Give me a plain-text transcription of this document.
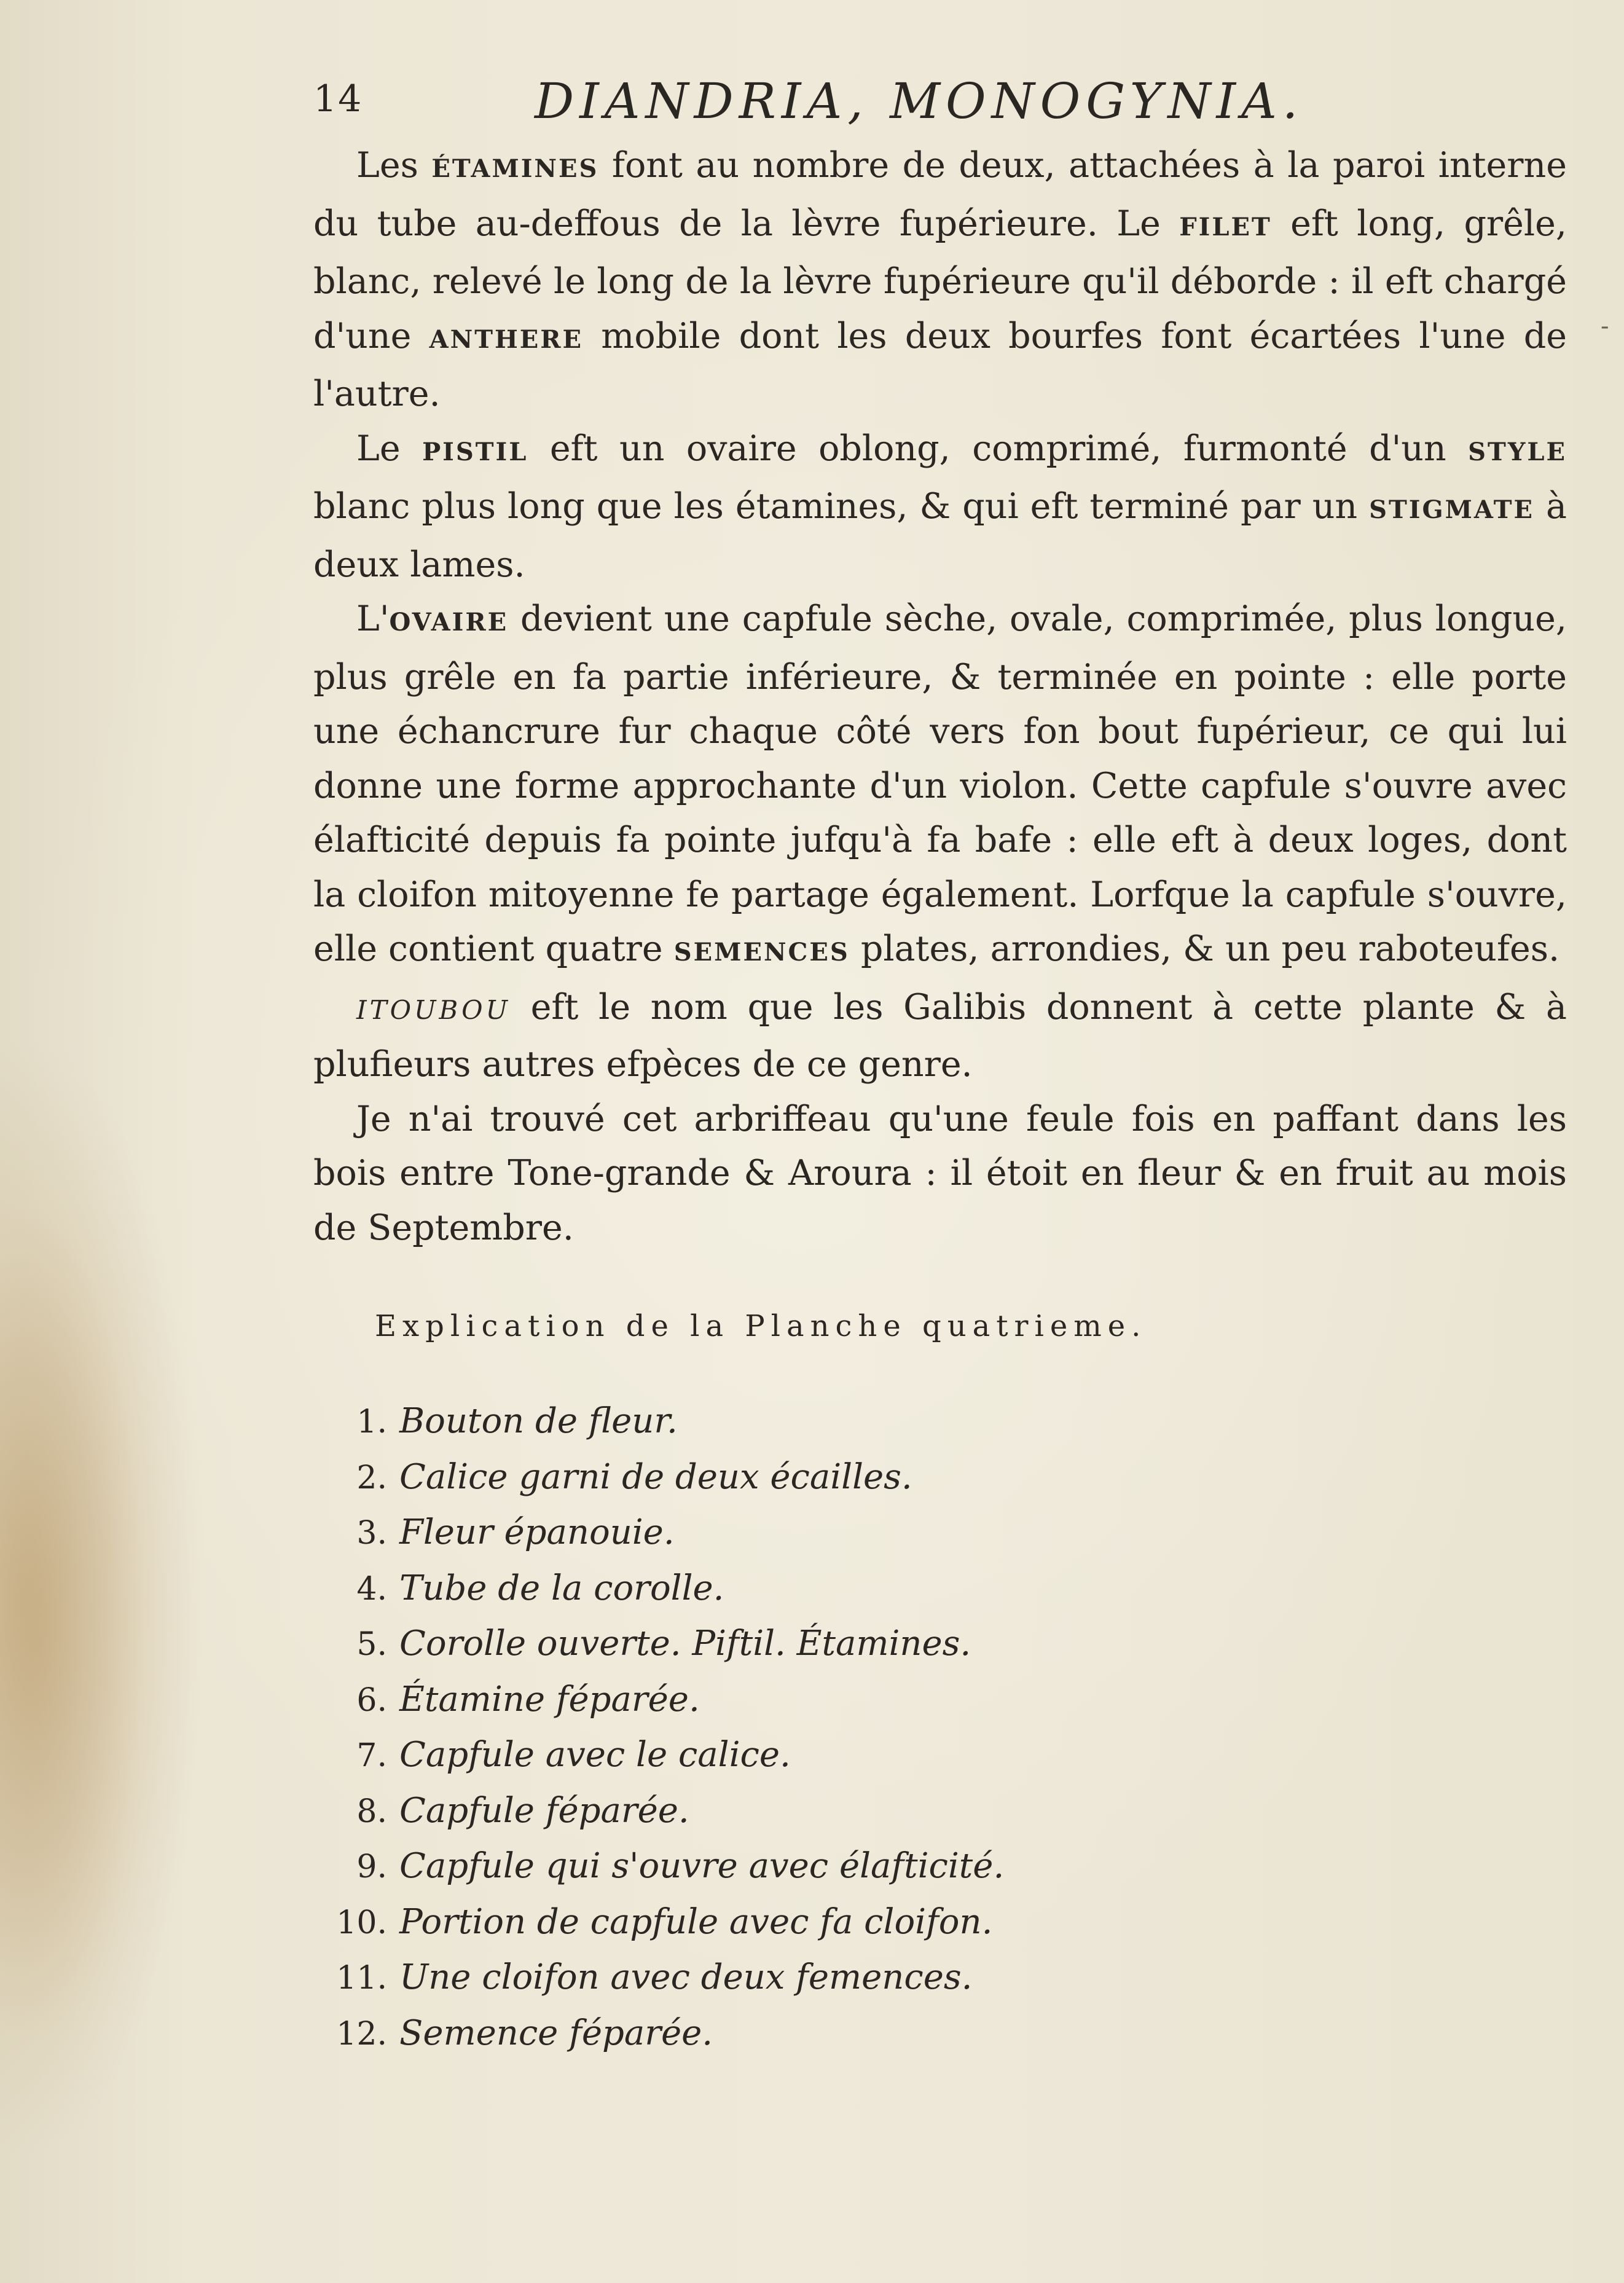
14	DIANDRIA, MONOGYNIA.
-

Les ÉTAMINES font au nombre de deux, attachées à la paroi interne du tube au-deffous de la lèvre fupérieure. Le FILET eft long, grêle, blanc, relevé le long de la lèvre fupérieure qu'il déborde : il eft chargé d'une ANTHERE mobile dont les deux bourfes font écartées l'une de l'autre.

Le PISTIL eft un ovaire oblong, comprimé, furmonté d'un STYLE blanc plus long que les étamines, & qui eft terminé par un STIGMATE à deux lames.

L'OVAIRE devient une capfule sèche, ovale, comprimée, plus longue, plus grêle en fa partie inférieure, & terminée en pointe : elle porte une échancrure fur chaque côté vers fon bout fupérieur, ce qui lui donne une forme approchante d'un violon. Cette capfule s'ouvre avec élafticité depuis fa pointe jufqu'à fa bafe : elle eft à deux loges, dont la cloifon mitoyenne fe partage également. Lorfque la capfule s'ouvre, elle contient quatre SEMENCES plates, arrondies, & un peu raboteufes.

ITOUBOU eft le nom que les Galibis donnent à cette plante & à plufieurs autres efpèces de ce genre.

Je n'ai trouvé cet arbriffeau qu'une feule fois en paffant dans les bois entre Tone-grande & Aroura : il étoit en fleur & en fruit au mois de Septembre.

Explication de la Planche quatrieme.
1. Bouton de fleur.
2. Calice garni de deux écailles.
3. Fleur épanouie.
4. Tube de la corolle.
5. Corolle ouverte. Piftil. Étamines.
6. Étamine féparée.
7. Capfule avec le calice.
8. Capfule féparée.
9. Capfule qui s'ouvre avec élafticité.
10. Portion de capfule avec fa cloifon.
11. Une cloifon avec deux femences.
12. Semence féparée.
